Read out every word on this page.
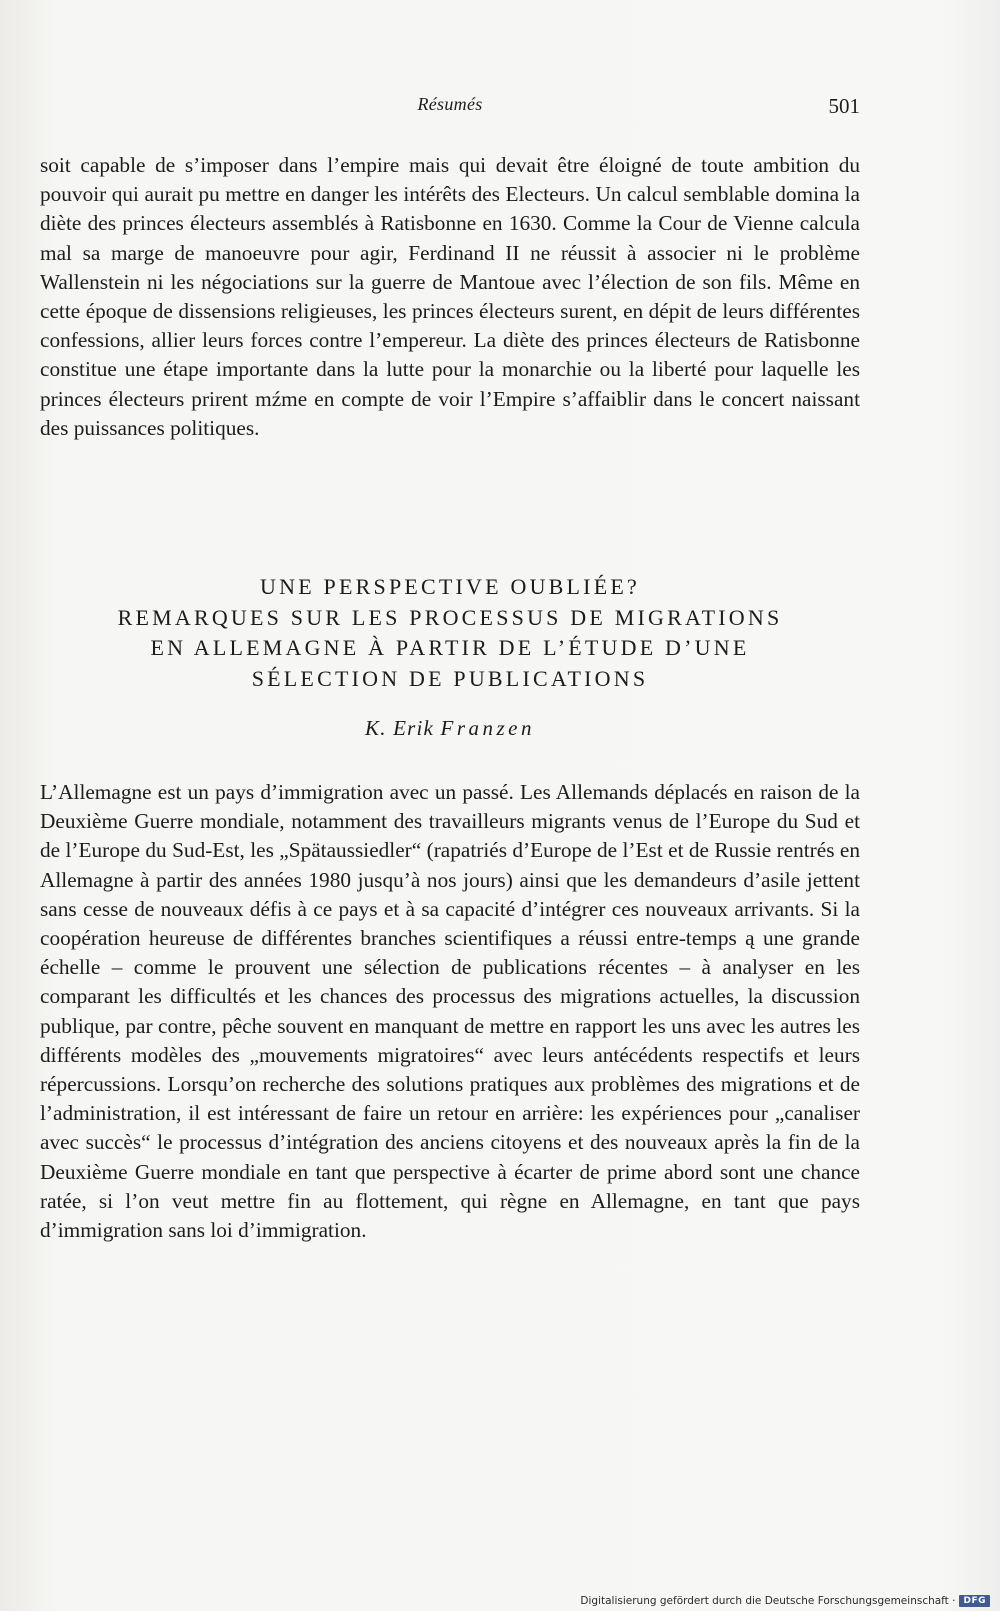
Résumés	501

soit capable de s’imposer dans l’empire mais qui devait être éloigné de toute ambition du pouvoir qui aurait pu mettre en danger les intérêts des Electeurs. Un calcul semblable domina la diète des princes électeurs assemblés à Ratisbonne en 1630. Comme la Cour de Vienne calcula mal sa marge de manoeuvre pour agir, Ferdinand II ne réussit à associer ni le problème Wallenstein ni les négociations sur la guerre de Mantoue avec l’élection de son fils. Même en cette époque de dissensions religieuses, les princes électeurs surent, en dépit de leurs différentes confessions, allier leurs forces contre l’empereur. La diète des princes électeurs de Ratisbonne constitue une étape importante dans la lutte pour la monarchie ou la liberté pour laquelle les princes électeurs prirent mźme en compte de voir l’Empire s’affaiblir dans le concert naissant des puissances politiques.

UNE PERSPECTIVE OUBLIÉE?
REMARQUES SUR LES PROCESSUS DE MIGRATIONS
EN ALLEMAGNE À PARTIR DE L’ÉTUDE D’UNE
SÉLECTION DE PUBLICATIONS
K. Erik Franzen

L’Allemagne est un pays d’immigration avec un passé. Les Allemands déplacés en raison de la Deuxième Guerre mondiale, notamment des travailleurs migrants venus de l’Europe du Sud et de l’Europe du Sud-Est, les „Spätaussiedler“ (rapatriés d’Europe de l’Est et de Russie rentrés en Allemagne à partir des années 1980 jusqu’à nos jours) ainsi que les demandeurs d’asile jettent sans cesse de nouveaux défis à ce pays et à sa capacité d’intégrer ces nouveaux arrivants. Si la coopération heureuse de différentes branches scientifiques a réussi entre-temps ą une grande échelle – comme le prouvent une sélection de publications récentes – à analyser en les comparant les difficultés et les chances des processus des migrations actuelles, la discussion publique, par contre, pêche souvent en manquant de mettre en rapport les uns avec les autres les différents modèles des „mouvements migratoires“ avec leurs antécédents respectifs et leurs répercussions. Lorsqu’on recherche des solutions pratiques aux problèmes des migrations et de l’administration, il est intéressant de faire un retour en arrière: les expériences pour „canaliser avec succès“ le processus d’intégration des anciens citoyens et des nouveaux après la fin de la Deuxième Guerre mondiale en tant que perspective à écarter de prime abord sont une chance ratée, si l’on veut mettre fin au flottement, qui règne en Allemagne, en tant que pays d’immigration sans loi d’immigration.

Digitalisierung gefördert durch die Deutsche Forschungsgemeinschaft · DFG
